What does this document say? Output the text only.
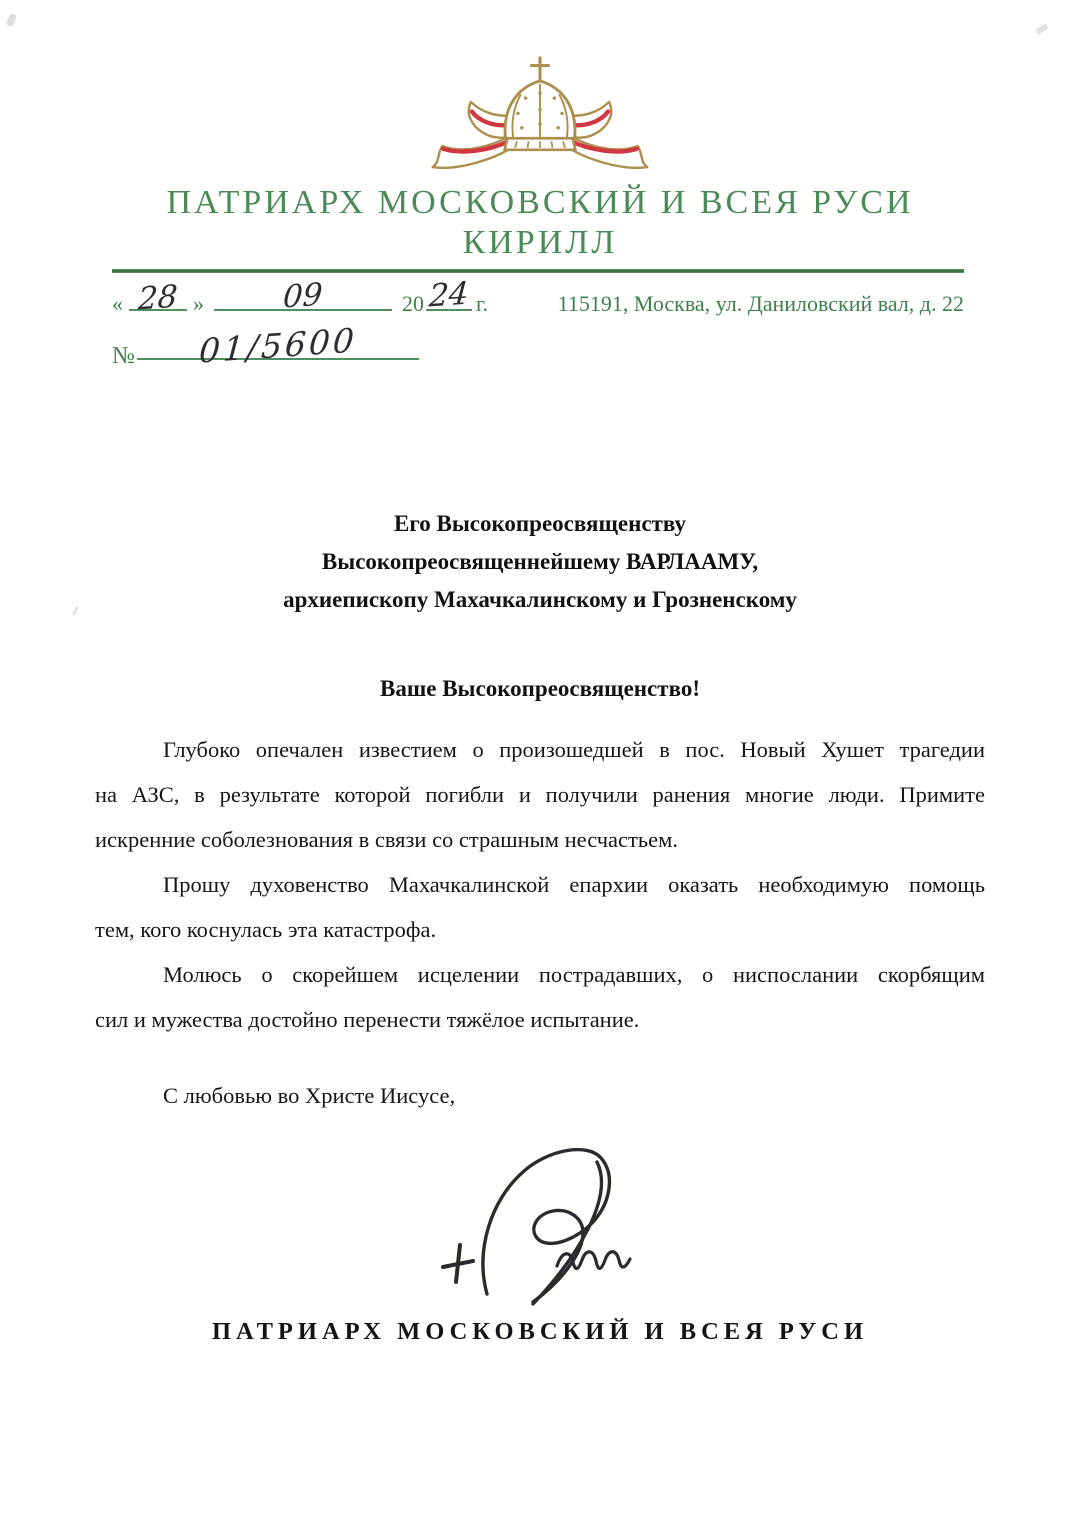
ПАТРИАРХ МОСКОВСКИЙ И ВСЕЯ РУСИ
КИРИЛЛ
« 28 »	09	20 24 г.	115191, Москва, ул. Даниловский вал, д. 22
№	01/5600
Его Высокопреосвященству
Высокопреосвященнейшему ВАРЛААМУ,
архиепископу Махачкалинскому и Грозненскому
Ваше Высокопреосвященство!
Глубоко опечален известием о произошедшей в пос. Новый Хушет трагедии
на АЗС, в результате которой погибли и получили ранения многие люди. Примите
искренние соболезнования в связи со страшным несчастьем.
Прошу духовенство Махачкалинской епархии оказать необходимую помощь
тем, кого коснулась эта катастрофа.
Молюсь о скорейшем исцелении пострадавших, о ниспослании скорбящим
сил и мужества достойно перенести тяжёлое испытание.
С любовью во Христе Иисусе,
ПАТРИАРХ МОСКОВСКИЙ И ВСЕЯ РУСИ
